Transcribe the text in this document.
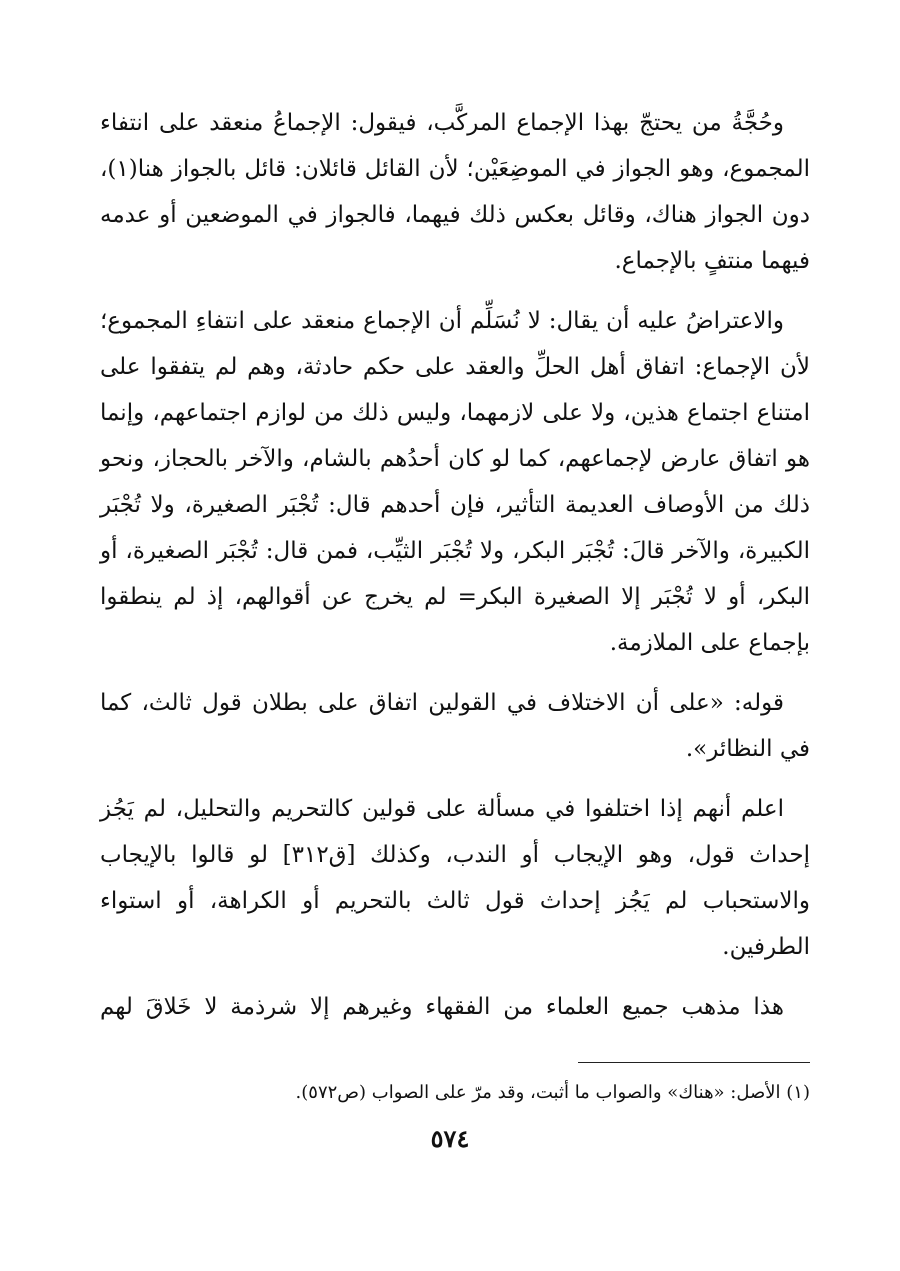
وحُجَّةُ من يحتجّ بهذا الإجماع المركَّب، فيقول: الإجماعُ منعقد على انتفاء المجموع، وهو الجواز في الموضِعَيْن؛ لأن القائل قائلان: قائل بالجواز هنا(١)، دون الجواز هناك، وقائل بعكس ذلك فيهما، فالجواز في الموضعين أو عدمه فيهما منتفٍ بالإجماع.

والاعتراضُ عليه أن يقال: لا نُسَلِّم أن الإجماع منعقد على انتفاءِ المجموع؛ لأن الإجماع: اتفاق أهل الحلِّ والعقد على حكم حادثة، وهم لم يتفقوا على امتناع اجتماع هذين، ولا على لازمهما، وليس ذلك من لوازم اجتماعهم، وإنما هو اتفاق عارض لإجماعهم، كما لو كان أحدُهم بالشام، والآخر بالحجاز، ونحو ذلك من الأوصاف العديمة التأثير، فإن أحدهم قال: تُجْبَر الصغيرة، ولا تُجْبَر الكبيرة، والآخر قالَ: تُجْبَر البكر، ولا تُجْبَر الثيِّب، فمن قال: تُجْبَر الصغيرة، أو البكر، أو لا تُجْبَر إلا الصغيرة البكر= لم يخرج عن أقوالهم، إذ لم ينطقوا بإجماع على الملازمة.

قوله: «على أن الاختلاف في القولين اتفاق على بطلان قول ثالث، كما في النظائر».

اعلم أنهم إذا اختلفوا في مسألة على قولين كالتحريم والتحليل، لم يَجُز إحداث قول، وهو الإيجاب أو الندب، وكذلك [ق٣١٢] لو قالوا بالإيجاب والاستحباب لم يَجُز إحداث قول ثالث بالتحريم أو الكراهة، أو استواء الطرفين.

هذا مذهب جميع العلماء من الفقهاء وغيرهم إلا شرذمة لا خَلاقَ لهم

(١) الأصل: «هناك» والصواب ما أثبت، وقد مرّ على الصواب (ص٥٧٢).
٥٧٤
